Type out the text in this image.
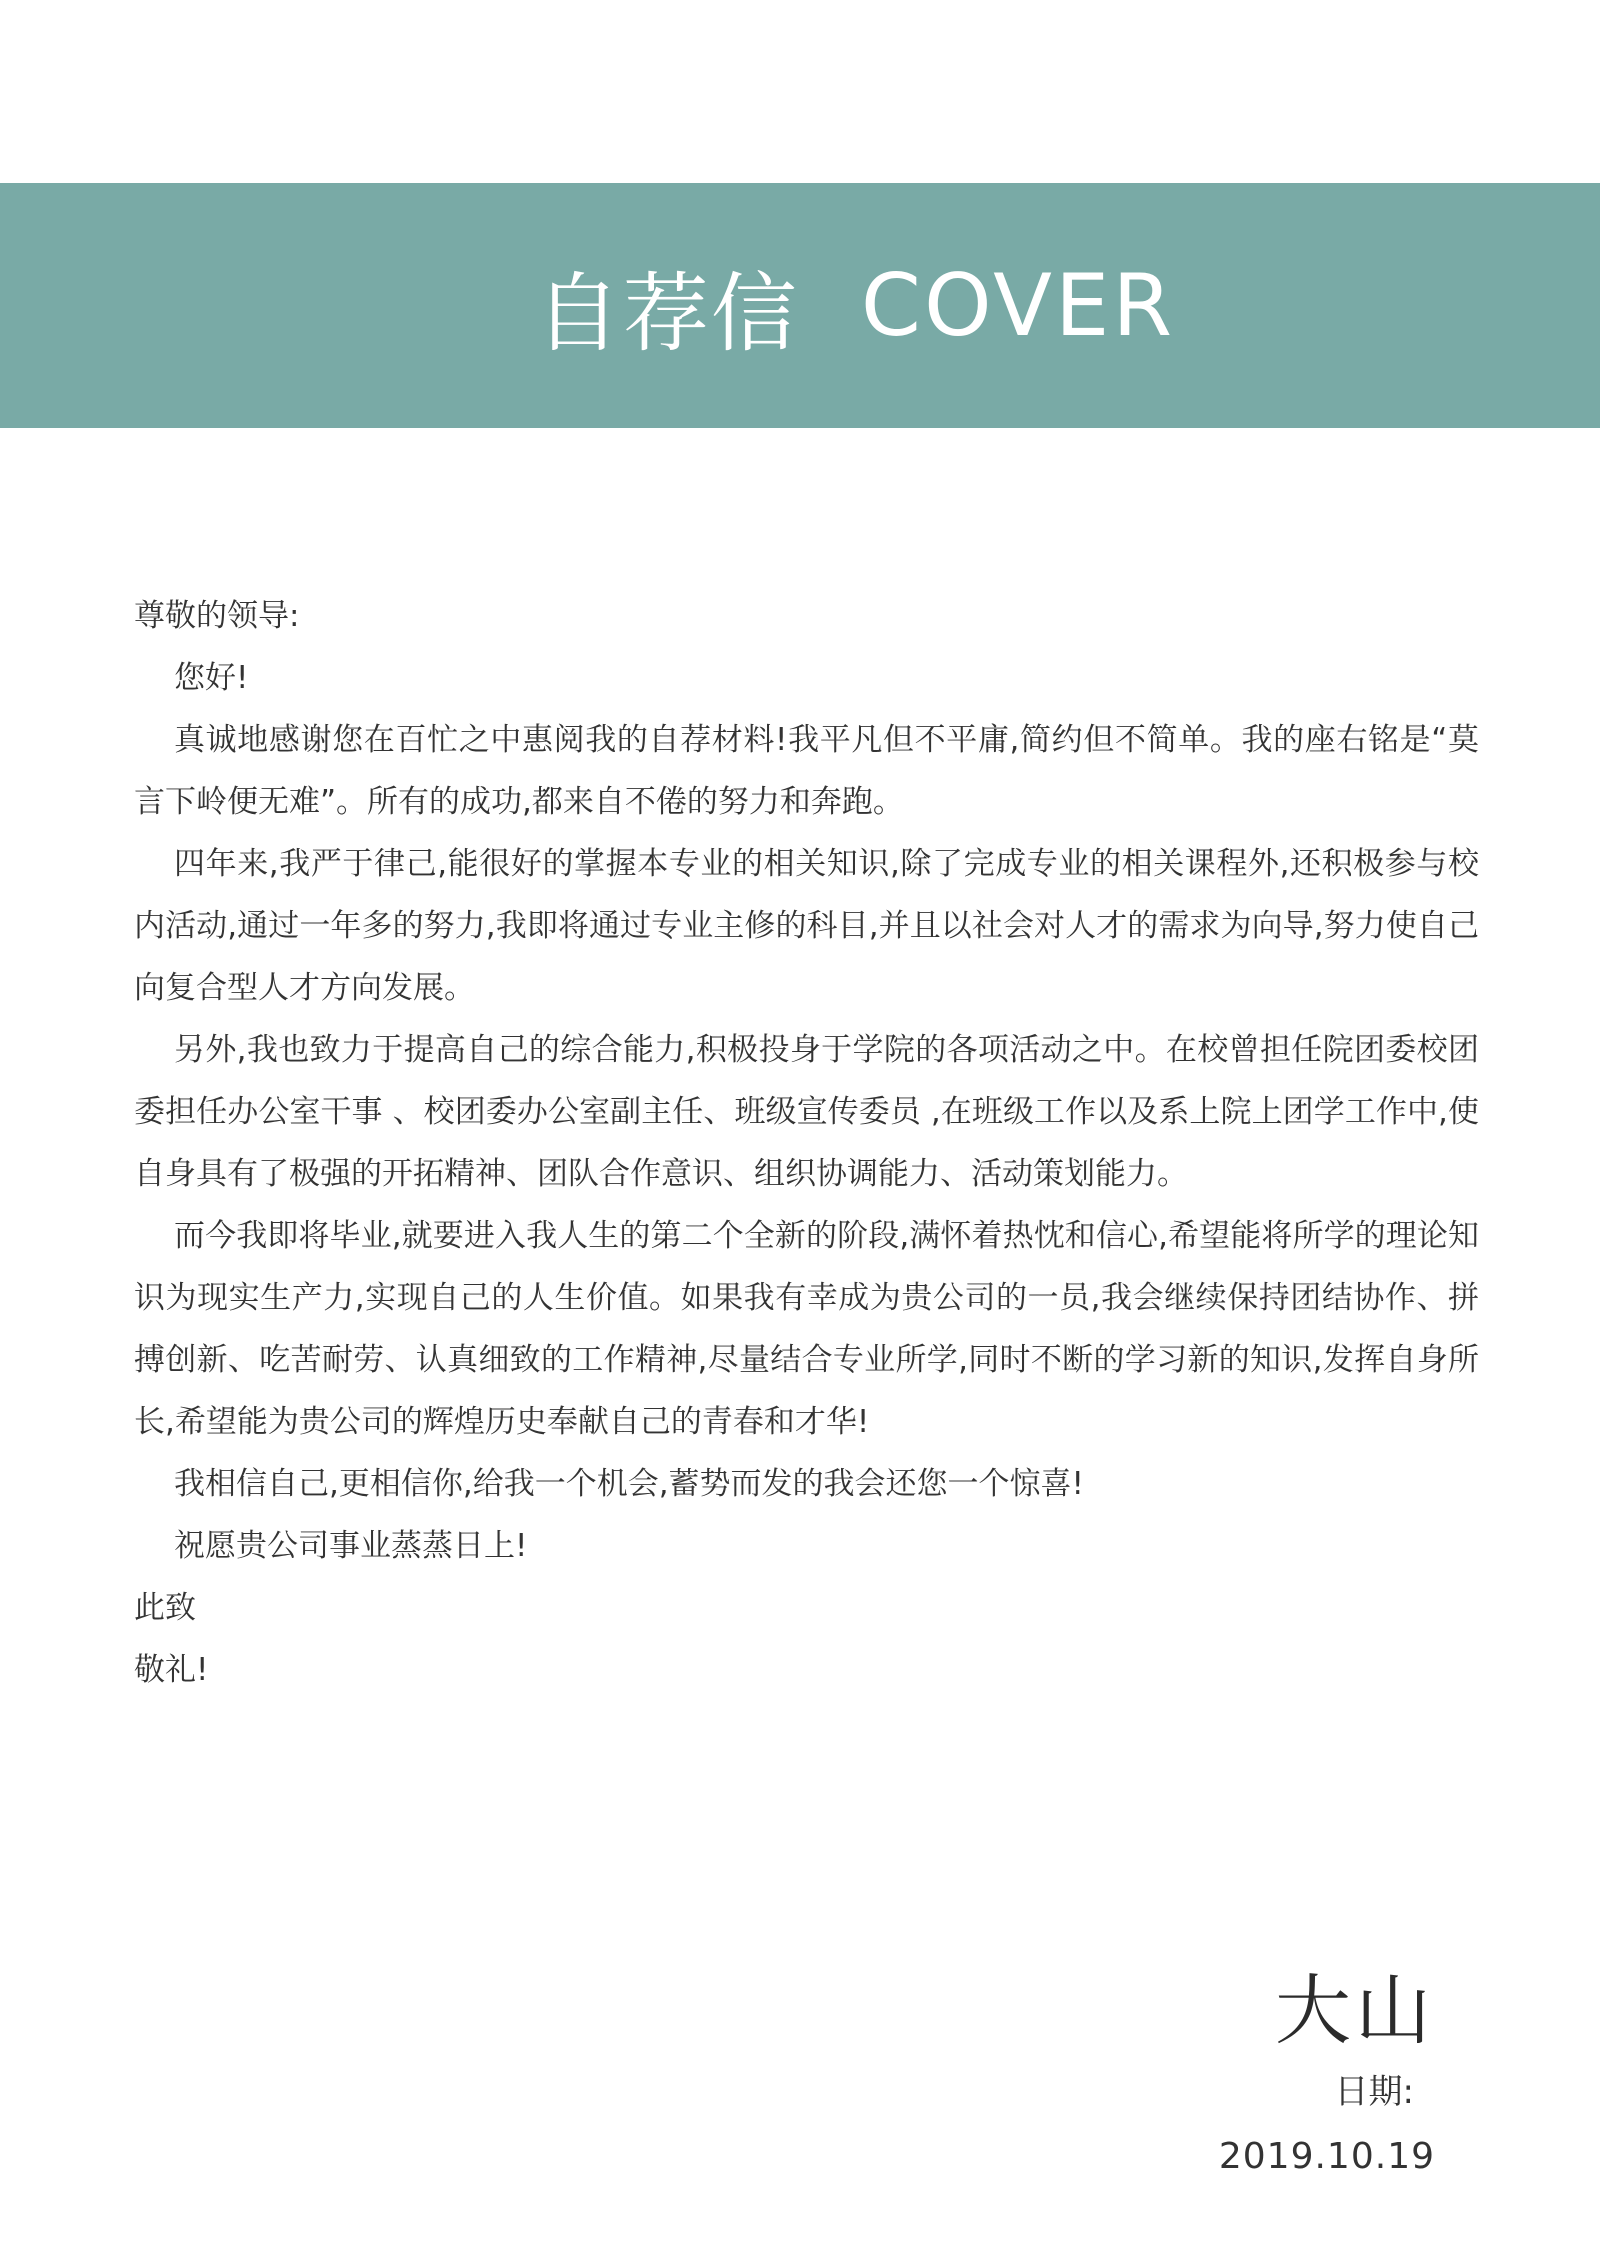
自荐信 COVER

尊敬的领导:

您好!

真诚地感谢您在百忙之中惠阅我的自荐材料!我平凡但不平庸,简约但不简单。我的座右铭是“莫言下岭便无难”。所有的成功,都来自不倦的努力和奔跑。

四年来,我严于律己,能很好的掌握本专业的相关知识,除了完成专业的相关课程外,还积极参与校内活动,通过一年多的努力,我即将通过专业主修的科目,并且以社会对人才的需求为向导,努力使自己向复合型人才方向发展。

另外,我也致力于提高自己的综合能力,积极投身于学院的各项活动之中。在校曾担任院团委校团委担任办公室干事 、校团委办公室副主任、班级宣传委员 ,在班级工作以及系上院上团学工作中,使自身具有了极强的开拓精神、团队合作意识、组织协调能力、活动策划能力。

而今我即将毕业,就要进入我人生的第二个全新的阶段,满怀着热忱和信心,希望能将所学的理论知识为现实生产力,实现自己的人生价值。如果我有幸成为贵公司的一员,我会继续保持团结协作、拼搏创新、吃苦耐劳、认真细致的工作精神,尽量结合专业所学,同时不断的学习新的知识,发挥自身所长,希望能为贵公司的辉煌历史奉献自己的青春和才华!

我相信自己,更相信你,给我一个机会,蓄势而发的我会还您一个惊喜!

祝愿贵公司事业蒸蒸日上!

此致

敬礼!

大山
日期:
2019.10.19
